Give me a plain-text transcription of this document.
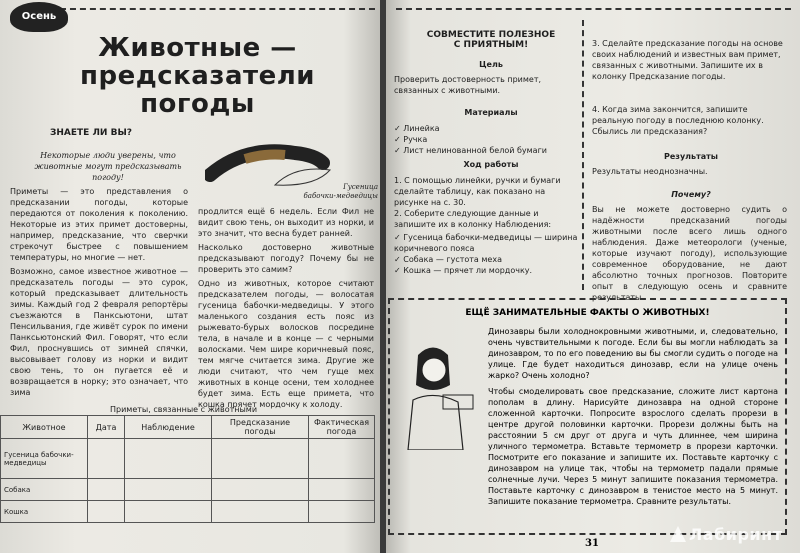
Осень
Животные — предсказатели
погоды
ЗНАЕТЕ ЛИ ВЫ?
Некоторые люди уверены, что животные могут предсказывать погоду!
Гусеница
бабочки-медведицы

Приметы — это представления о предсказании погоды, которые передаются от поколения к поколению. Некоторые из этих примет достоверны, например, предсказание, что сверчки стрекочут быстрее с повышением температуры, но многие — нет.

Возможно, самое известное животное — предсказатель погоды — это сурок, который предсказывает длительность зимы. Каждый год 2 февраля репортёры съезжаются в Панксьютони, штат Пенсильвания, где живёт сурок по имени Панксьютонский Фил. Говорят, что если Фил, проснувшись от зимней спячки, высовывает голову из норки и видит свою тень, то он пугается её и возвращается в норку; это означает, что зима

продлится ещё 6 недель. Если Фил не видит свою тень, он выходит из норки, и это значит, что весна будет ранней.

Насколько достоверно животные предсказывают погоду? Почему бы не проверить это самим?

Одно из животных, которое считают предсказателем погоды, — волосатая гусеница бабочки-медведицы. У этого маленького создания есть пояс из рыжевато-бурых волосков посредине тела, в начале и в конце — с черными волосками. Чем шире коричневый пояс, тем мягче считается зима. Другие же люди считают, что чем гуще мех животных в конце осени, тем холоднее будет зима. Есть еще примета, что кошка прячет мордочку к холоду.

Приметы, связанные с животными
Животное	Дата	Наблюдение	Предсказание погоды	Фактическая погода
Гусеница бабочки-медведицы				
Собака				
Кошка				
СОВМЕСТИТЕ ПОЛЕЗНОЕ
С ПРИЯТНЫМ!
Цель
Проверить достоверность примет, связанных с животными.
Материалы
✓ Линейка
✓ Ручка
✓ Лист нелинованной белой бумаги
Ход работы
1. С помощью линейки, ручки и бумаги сделайте таблицу, как показано на рисунке на с. 30.
2. Соберите следующие данные и запишите их в колонку Наблюдения:
✓ Гусеница бабочки-медведицы — ширина коричневого пояса
✓ Собака — густота меха
✓ Кошка — прячет ли мордочку.
3. Сделайте предсказание погоды на основе своих наблюдений и известных вам примет, связанных с животными. Запишите их в колонку Предсказание погоды.
4. Когда зима закончится, запишите реальную погоду в последнюю колонку. Сбылись ли предсказания?
Результаты
Результаты неоднозначны.
Почему?
Вы не можете достоверно судить о надёжности предсказаний погоды животными после всего лишь одного наблюдения. Даже метеорологи (ученые, которые изучают погоду), использующие современное оборудование, не дают абсолютно точных прогнозов. Повторите опыт в следующую осень и сравните результаты.
ЕЩЁ ЗАНИМАТЕЛЬНЫЕ ФАКТЫ О ЖИВОТНЫХ!
Динозавры были холоднокровными животными, и, следовательно, очень чувствительными к погоде. Если бы вы могли наблюдать за динозавром, то по его поведению вы бы смогли судить о погоде на улице. Где будет находиться динозавр, если на улице очень жарко? Очень холодно?
Чтобы смоделировать свое предсказание, сложите лист картона пополам в длину. Нарисуйте динозавра на одной стороне сложенной карточки. Попросите взрослого сделать прорези в центре другой половинки карточки. Прорези должны быть на расстоянии 5 см друг от друга и чуть длиннее, чем ширина уличного термометра. Вставьте термометр в прорези карточки. Посмотрите его показание и запишите их. Поставьте карточку с динозавром на улице так, чтобы на термометр падали прямые солнечные лучи. Через 5 минут запишите показания термометра. Поставьте карточку с динозавром в тенистое место на 5 минут. Запишите показание термометра. Сравните результаты.
31	Лабиринт
